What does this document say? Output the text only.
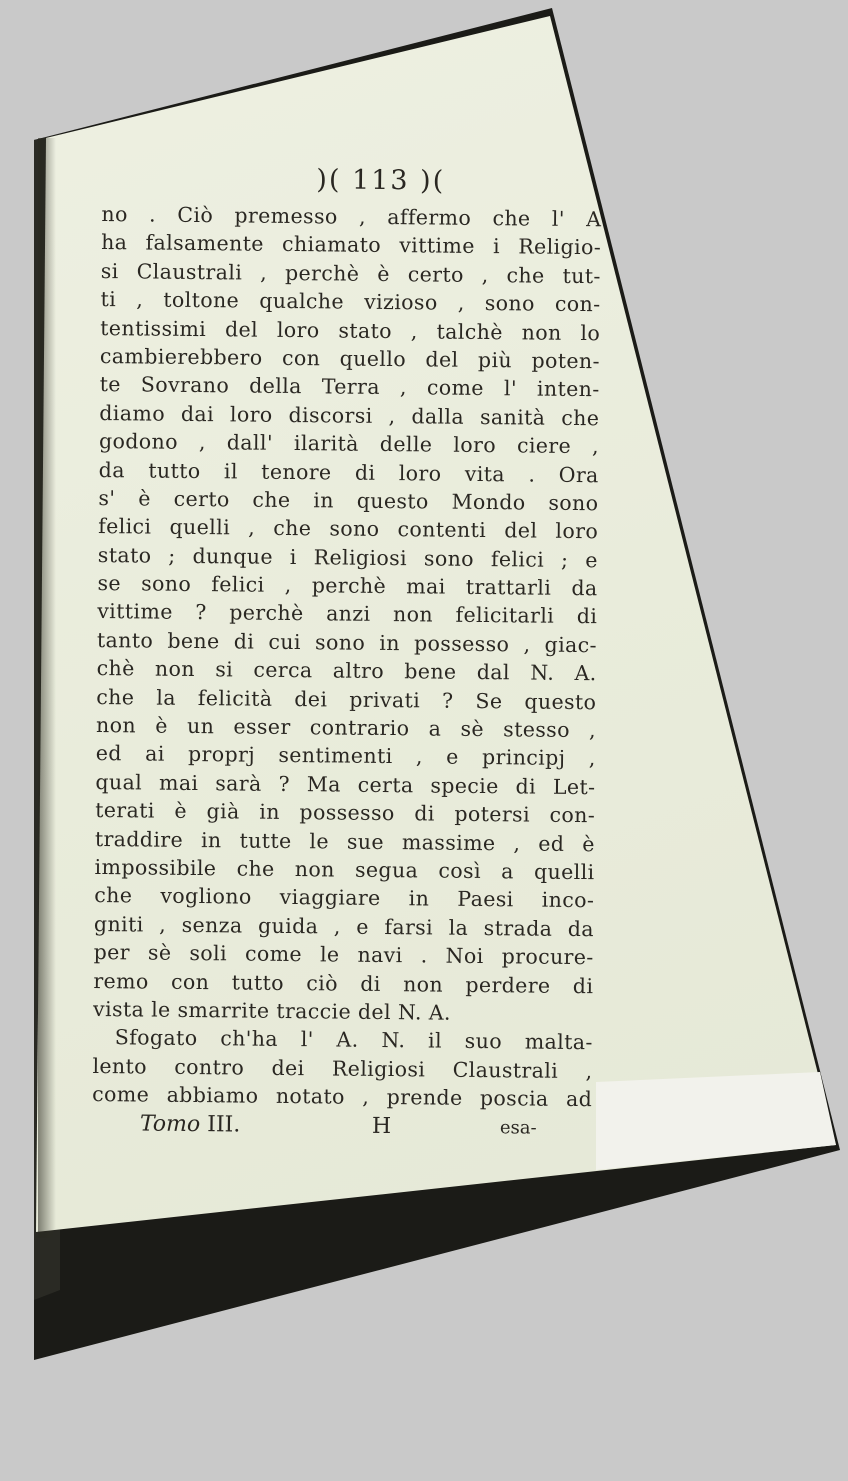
)( 113 )(
no . Ciò premesso , affermo che l' A
ha falsamente chiamato vittime i Religio-
si Claustrali , perchè è certo , che tut-
ti , toltone qualche vizioso , sono con-
tentissimi del loro stato , talchè non lo
cambierebbero con quello del più poten-
te Sovrano della Terra , come l' inten-
diamo dai loro discorsi , dalla sanità che
godono , dall' ilarità delle loro ciere ,
da tutto il tenore di loro vita . Ora
s' è certo che in questo Mondo sono
felici quelli , che sono contenti del loro
stato ; dunque i Religiosi sono felici ; e
se sono felici , perchè mai trattarli da
vittime ? perchè anzi non felicitarli di
tanto bene di cui sono in possesso , giac-
chè non si cerca altro bene dal N. A.
che la felicità dei privati ? Se questo
non è un esser contrario a sè stesso ,
ed ai proprj sentimenti , e principj ,
qual mai sarà ? Ma certa specie di Let-
terati è già in possesso di potersi con-
traddire in tutte le sue massime , ed è
impossibile che non segua così a quelli
che vogliono viaggiare in Paesi inco-
gniti , senza guida , e farsi la strada da
per sè soli come le navi . Noi procure-
remo con tutto ciò di non perdere di
vista le smarrite traccie del N. A.
Sfogato ch'ha l' A. N. il suo malta-
lento contro dei Religiosi Claustrali ,
come abbiamo notato , prende poscia ad
Tomo III.	H	esa-
